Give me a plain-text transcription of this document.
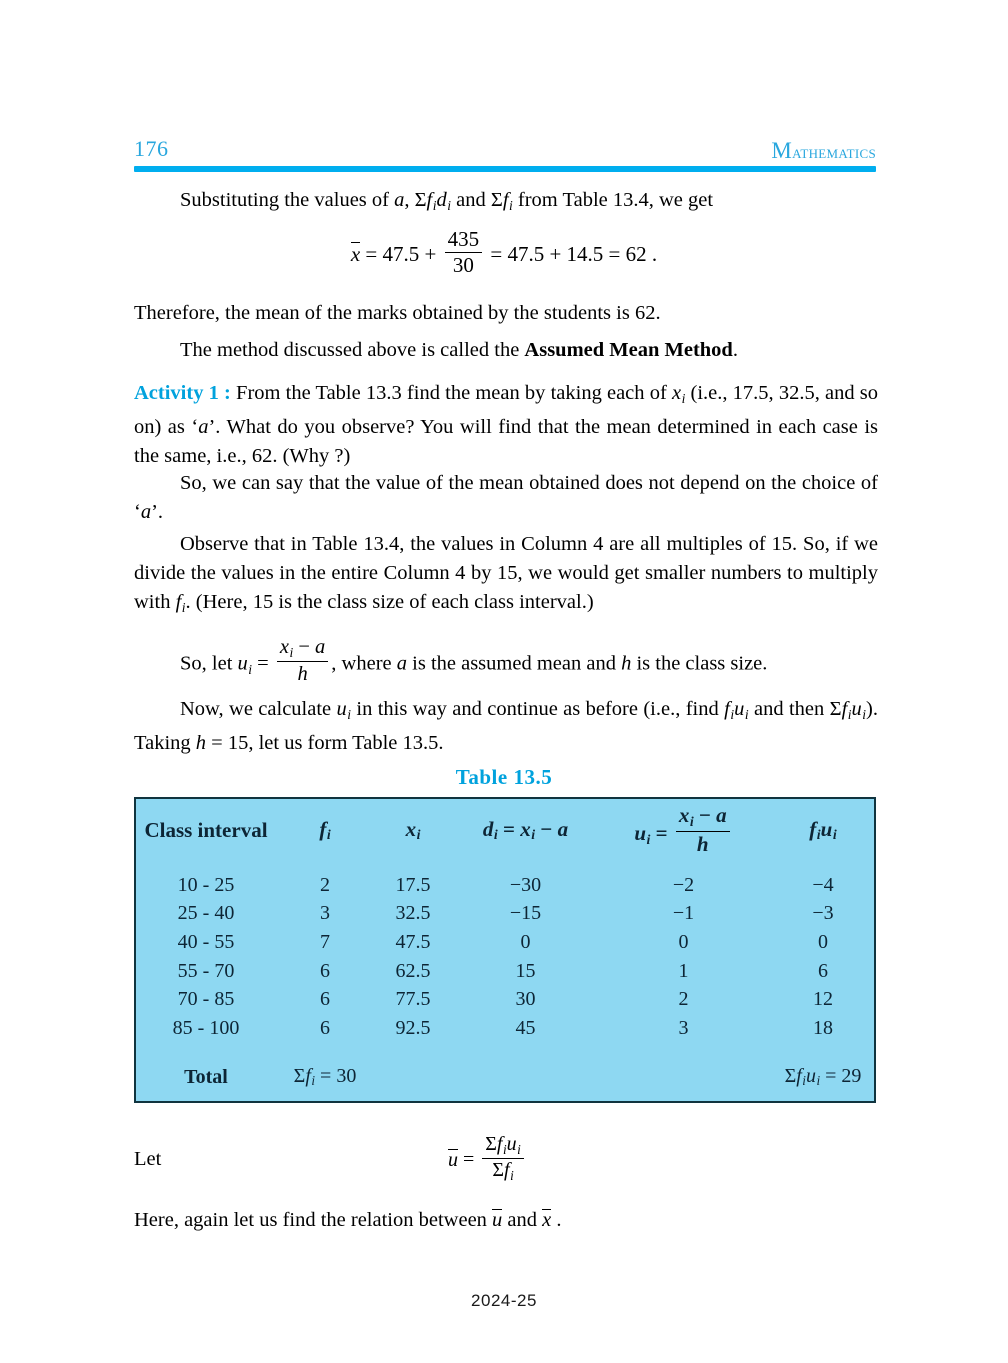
176	Mathematics
Substituting the values of a, $\Sigma f_id_i$ and $\Sigma f_i$ from Table 13.4, we get
$x = 47.5 + \frac{435}{30} = 47.5 + 14.5 = 62$ .
Therefore, the mean of the marks obtained by the students is 62.
The method discussed above is called the Assumed Mean Method.
Activity 1 : From the Table 13.3 find the mean by taking each of $x_i$ (i.e., 17.5, 32.5, and so on) as ‘a’. What do you observe? You will find that the mean determined in each case is the same, i.e., 62. (Why ?)
So, we can say that the value of the mean obtained does not depend on the choice of ‘a’.
Observe that in Table 13.4, the values in Column 4 are all multiples of 15. So, if we divide the values in the entire Column 4 by 15, we would get smaller numbers to multiply with $f_i$. (Here, 15 is the class size of each class interval.)
So, let $u_i = \frac{x_i - a}{h}$ , where a is the assumed mean and h is the class size.
Now, we calculate $u_i$ in this way and continue as before (i.e., find $f_iu_i$ and then $\Sigma f_iu_i$). Taking h = 15, let us form Table 13.5.
Table 13.5
Class interval	$f_i$	$x_i$	$d_i = x_i - a$	$u_i = \frac{x_i - a}{h}$	$f_iu_i$
10 - 25	2	17.5	−30	−2	−4
25 - 40	3	32.5	−15	−1	−3
40 - 55	7	47.5	0	0	0
55 - 70	6	62.5	15	1	6
70 - 85	6	77.5	30	2	12
85 - 100	6	92.5	45	3	18
Total	$\Sigma f_i = 30$				$\Sigma f_iu_i = 29$
Let	$u = \frac{\Sigma f_iu_i}{\Sigma f_i}$
Here, again let us find the relation between u and x .
2024-25
